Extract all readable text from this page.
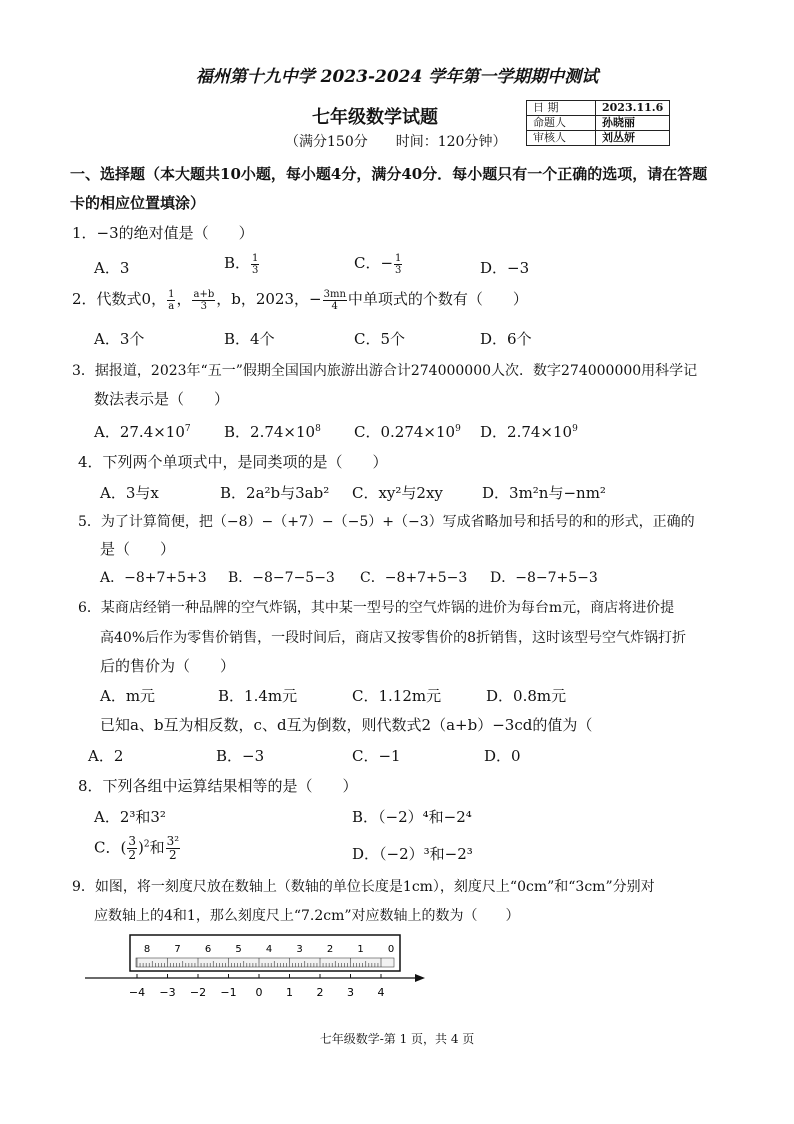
福州第十九中学 2023-2024 学年第一学期期中测试
七年级数学试题
（满分150分　　时间：120分钟）
日 期	2023.11.6
命题人	孙晓丽
审核人	刘丛妍
一、选择题（本大题共10小题，每小题4分，满分40分．每小题只有一个正确的选项，请在答题
卡的相应位置填涂）
1．−3的绝对值是（　　）
A．3	B． $\frac{1}{3}$	C．− $\frac{1}{3}$	D．−3
2．代数式0， $\frac{1}{a}$ ， $\frac{a+b}{3}$ ，b，2023，− $\frac{3mn}{4}$ 中单项式的个数有（　　）
A．3个	B．4个	C．5个	D．6个
3．据报道，2023年“五一”假期全国国内旅游出游合计274000000人次．数字274000000用科学记
数法表示是（　　）
A．$27.4\times 10^7$ B．$2.74\times 10^8$ C．$0.274\times 10^9$ D．$2.74\times 10^9$
4．下列两个单项式中，是同类项的是（　　）
A．3与x	B．2a²b与3ab² C．xy²与2xy	D．3m²n与−nm²
5．为了计算简便，把（−8）−（+7）−（−5）+（−3）写成省略加号和括号的和的形式，正确的
是（　　）
A．−8+7+5+3 B．−8−7−5−3 C．−8+7+5−3 D．−8−7+5−3
6．某商店经销一种品牌的空气炸锅，其中某一型号的空气炸锅的进价为每台m元，商店将进价提
高40%后作为零售价销售，一段时间后，商店又按零售价的8折销售，这时该型号空气炸锅打折
后的售价为（　　）
A．m元	B．1.4m元	C．1.12m元	D．0.8m元
已知a、b互为相反数，c、d互为倒数，则代数式2（a+b）−3cd的值为（
A．2	B．−3	C．−1	D．0
8．下列各组中运算结果相等的是（　　）
A．2³和3²	B．（−2）⁴和−2⁴
C．( $\frac{3}{2} )^2$和 $\frac{\text{3²}}{2}$	D．（−2）³和−2³
9．如图，将一刻度尺放在数轴上（数轴的单位长度是1cm），刻度尺上“0cm”和“3cm”分别对
应数轴上的4和1，那么刻度尺上“7.2cm”对应数轴上的数为（　　）
8 7 6 5 4 3 2 1 0
−4 −3 −2 −1 0 1 2 3 4
七年级数学-第 1 页，共 4 页
